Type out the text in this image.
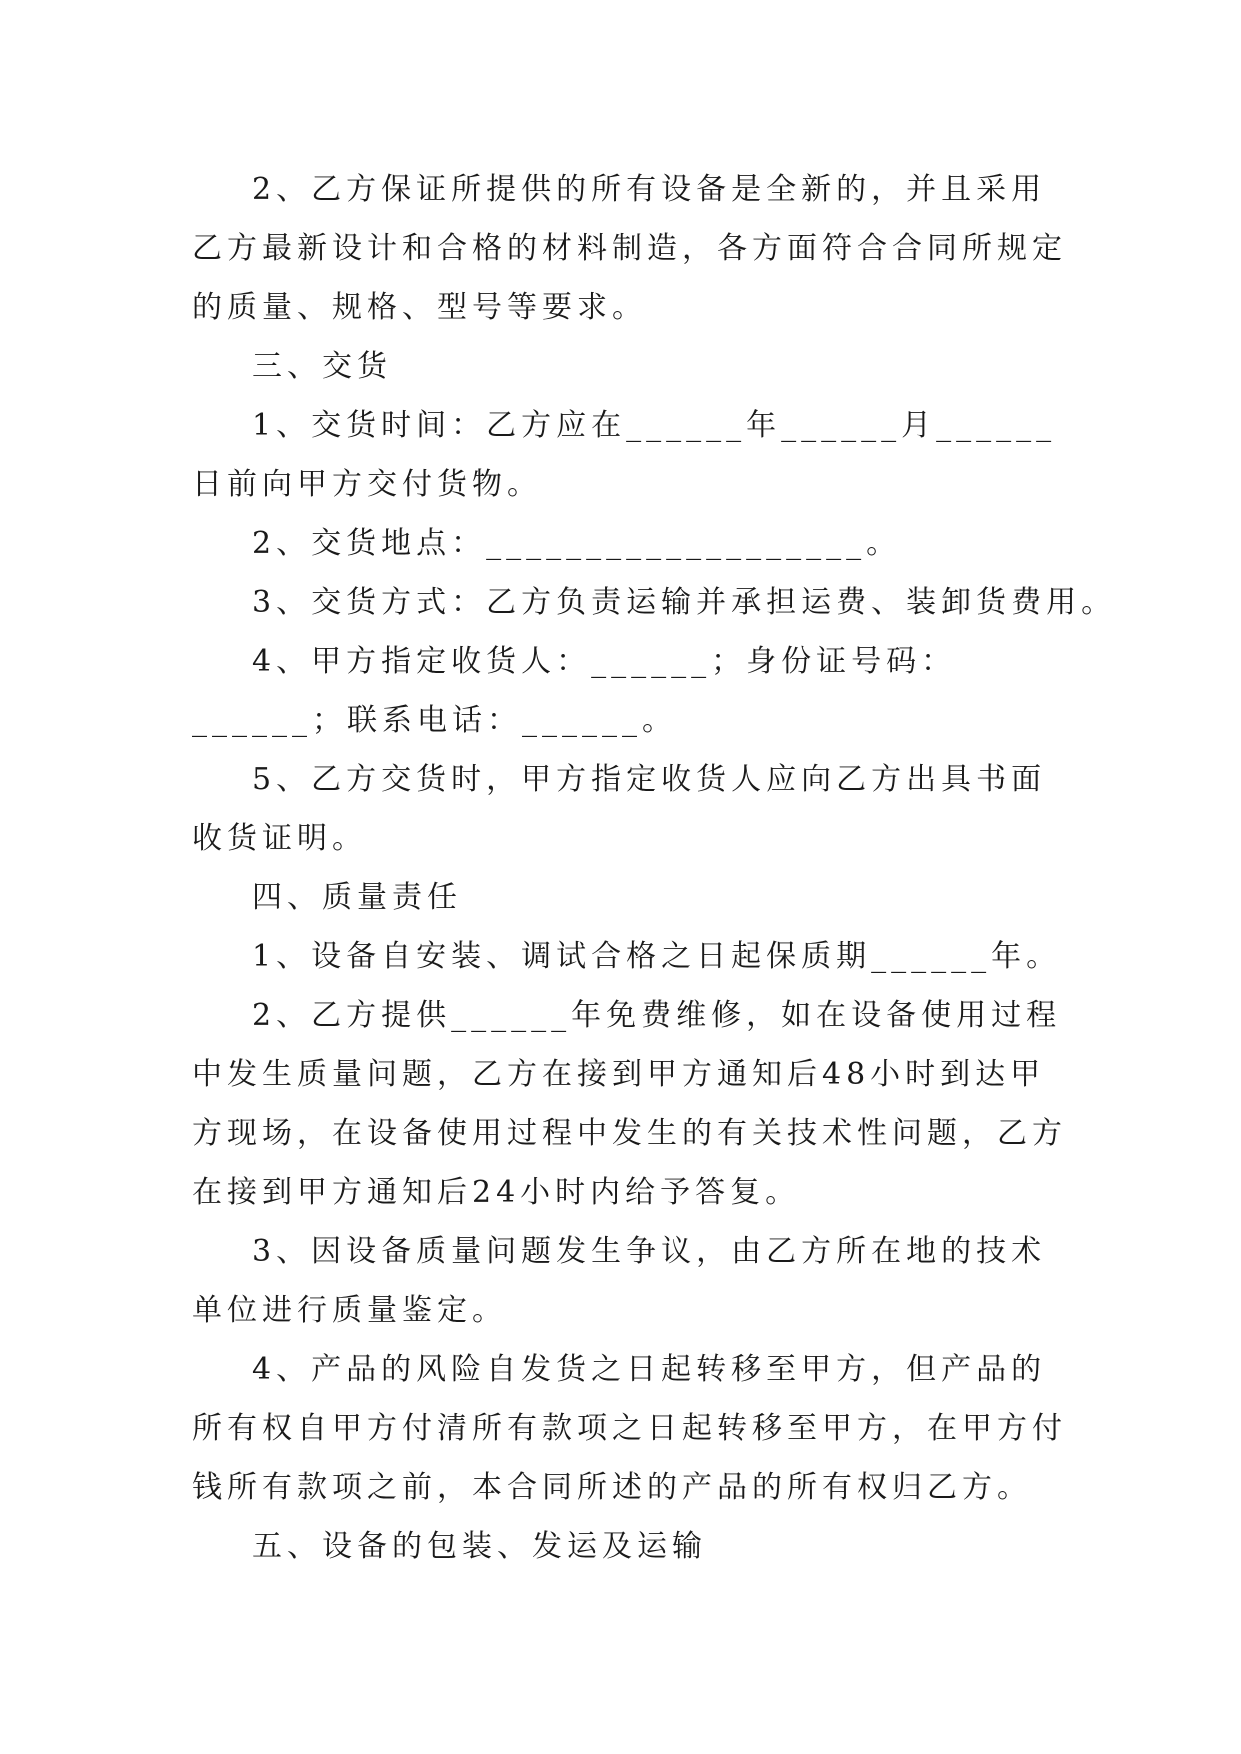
2、乙方保证所提供的所有设备是全新的，并且采用乙方最新设计和合格的材料制造，各方面符合合同所规定的质量、规格、型号等要求。

三、交货

1、交货时间：乙方应在______年______月______日前向甲方交付货物。

2、交货地点：___________________。

3、交货方式：乙方负责运输并承担运费、装卸货费用。

4、甲方指定收货人：______；身份证号码：______；联系电话：______。

5、乙方交货时，甲方指定收货人应向乙方出具书面收货证明。

四、质量责任

1、设备自安装、调试合格之日起保质期______年。

2、乙方提供______年免费维修，如在设备使用过程中发生质量问题，乙方在接到甲方通知后48小时到达甲方现场，在设备使用过程中发生的有关技术性问题，乙方在接到甲方通知后24小时内给予答复。

3、因设备质量问题发生争议，由乙方所在地的技术单位进行质量鉴定。

4、产品的风险自发货之日起转移至甲方，但产品的所有权自甲方付清所有款项之日起转移至甲方，在甲方付钱所有款项之前，本合同所述的产品的所有权归乙方。

五、设备的包装、发运及运输
